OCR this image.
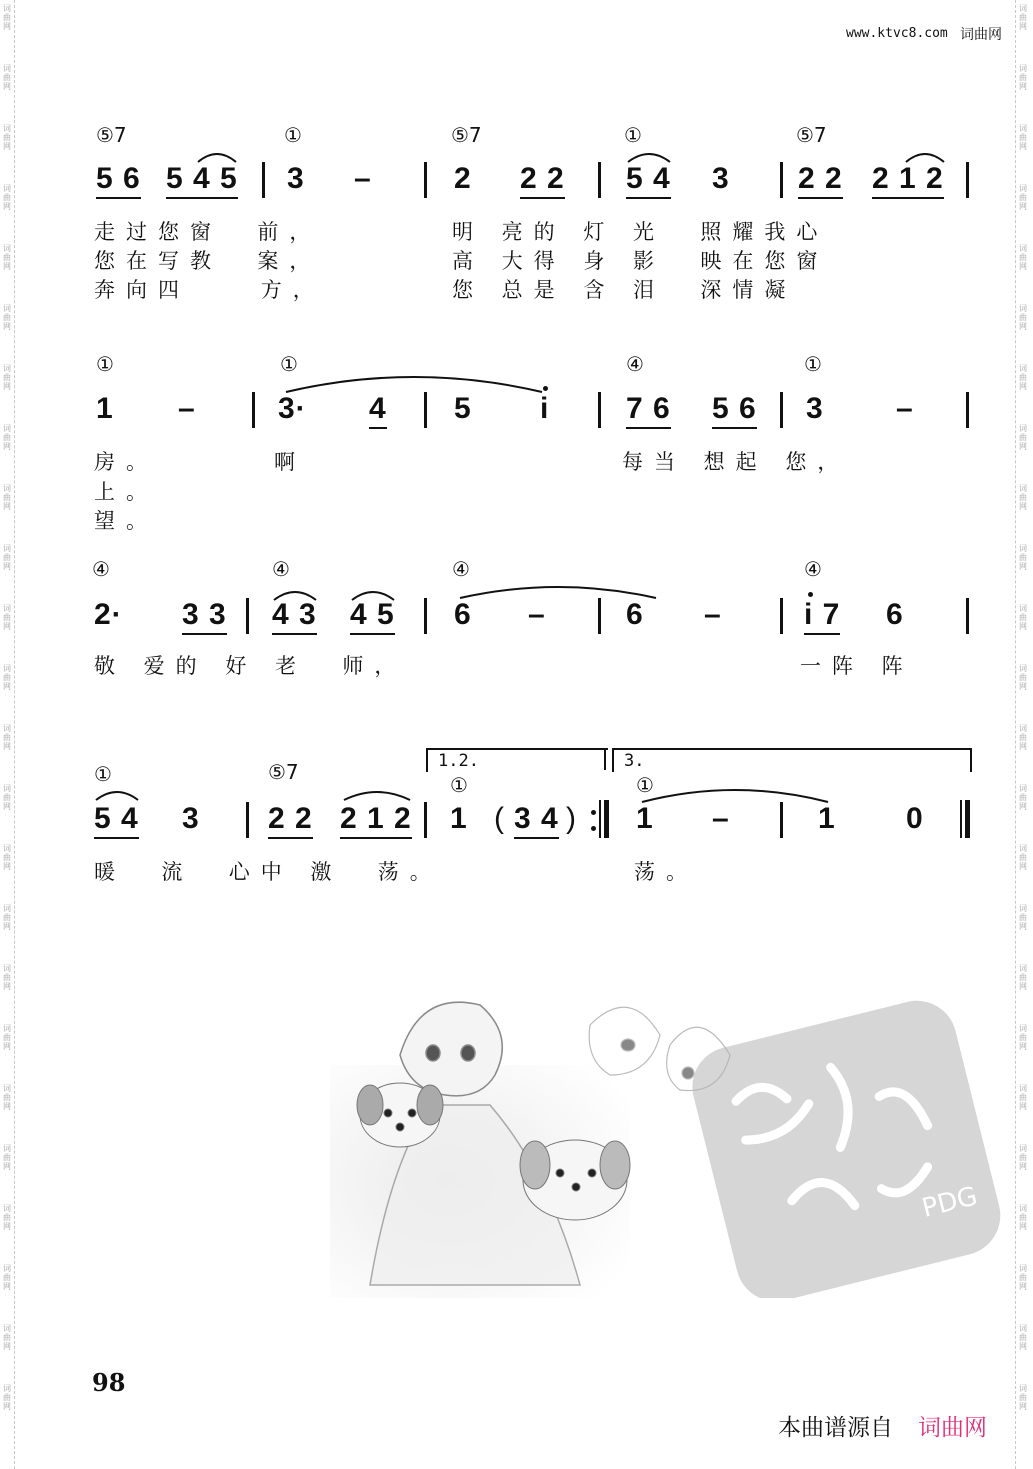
词
曲
网
词
曲
网
词
曲
网
词
曲
网
词
曲
网
词
曲
网
词
曲
网
词
曲
网
词
曲
网
词
曲
网
词
曲
网
词
曲
网
词
曲
网
词
曲
网
词
曲
网
词
曲
网
词
曲
网
词
曲
网
词
曲
网
词
曲
网
词
曲
网
词
曲
网
词
曲
网
词
曲
网
词
曲
网
词
曲
网
词
曲
网
词
曲
网
词
曲
网
词
曲
网
词
曲
网
词
曲
网
词
曲
网
词
曲
网
词
曲
网
词
曲
网
词
曲
网
词
曲
网
词
曲
网
词
曲
网
词
曲
网
词
曲
网
词
曲
网
词
曲
网
词
曲
网
词
曲
网
词
曲
网
词
曲
网
www.ktvc8.com 词曲网
⑤7	①	⑤7	①	⑤7
5 6 5 4 5 3 –	2 2 2 5 4 3 2 2 2 1 2
走过您窗  前，
您在写教  案，
奔向四    方，
明 亮的 灯 光  照耀我心
高 大得 身 影  映在您窗
您 总是 含 泪  深情凝
①	①	④	①
1 –	3· 4 5 i	7 6 5 6 3 –
房。
上。
望。
啊	每当 想起 您，
④	④	④	④
2· 3 3 4 3 4 5 6 –	6 –	i 7 6
敬 爱的 好 老  师，	一阵 阵
1.2.	3.
①	⑤7
①	①
5 4 3 2 2 2 1 2 1 ( 3 4 ) 1 –	1 0
暖  流  心中 激  荡。	荡。
PDG
98
本曲谱源自 词曲网
